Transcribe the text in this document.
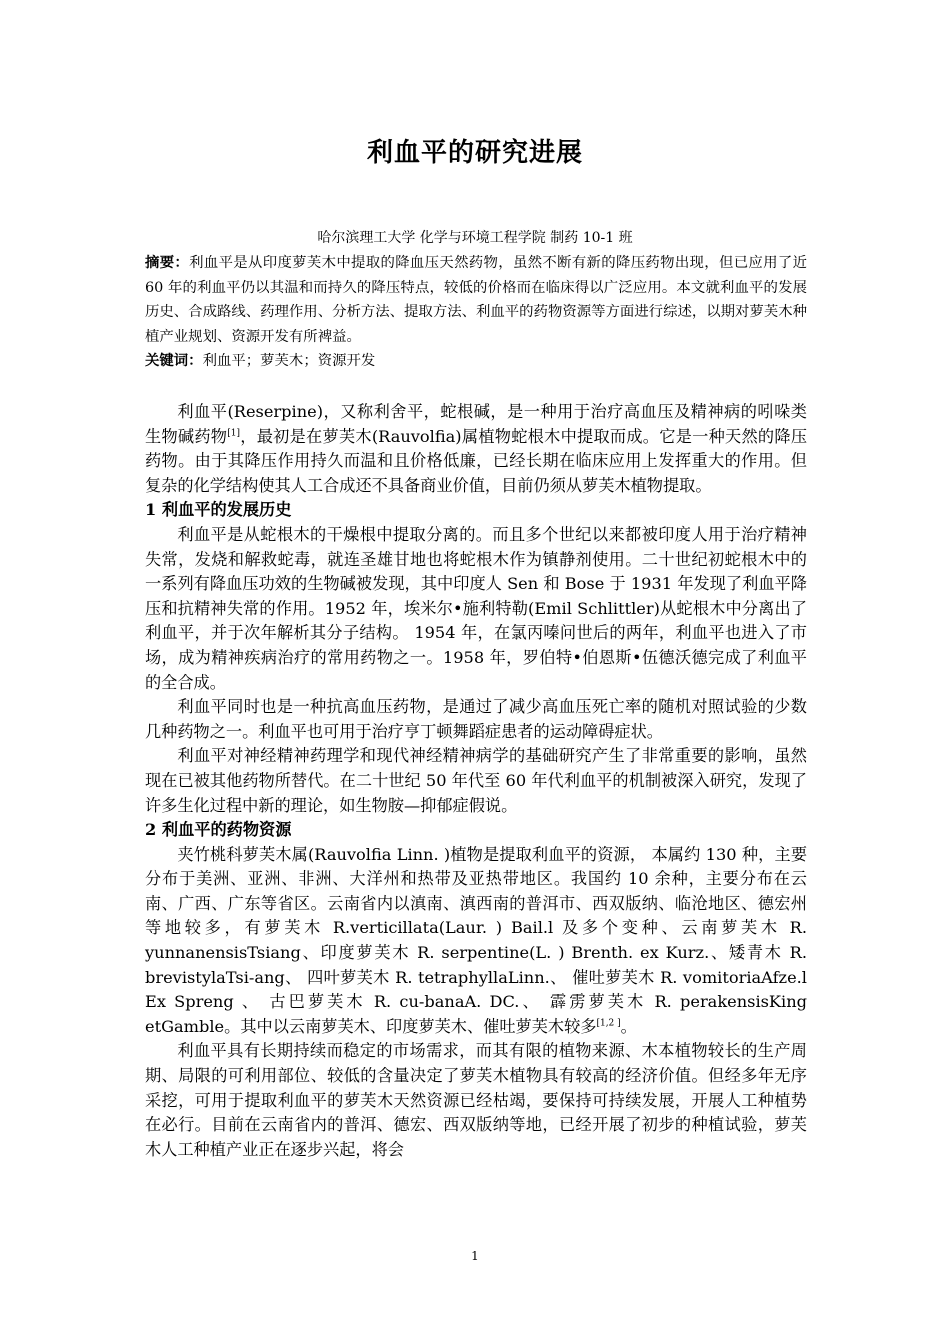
利血平的研究进展
哈尔滨理工大学 化学与环境工程学院 制药 10-1 班

摘要：利血平是从印度萝芙木中提取的降血压天然药物，虽然不断有新的降压药物出现，但已应用了近 60 年的利血平仍以其温和而持久的降压特点，较低的价格而在临床得以广泛应用。本文就利血平的发展历史、合成路线、药理作用、分析方法、提取方法、利血平的药物资源等方面进行综述，以期对萝芙木种植产业规划、资源开发有所裨益。

关键词：利血平；萝芙木；资源开发

利血平(Reserpine)，又称利舍平，蛇根碱，是一种用于治疗高血压及精神病的吲哚类生物碱药物[1]，最初是在萝芙木(Rauvolfia)属植物蛇根木中提取而成。它是一种天然的降压药物。由于其降压作用持久而温和且价格低廉，已经长期在临床应用上发挥重大的作用。但复杂的化学结构使其人工合成还不具备商业价值，目前仍须从萝芙木植物提取。

1 利血平的发展历史

利血平是从蛇根木的干燥根中提取分离的。而且多个世纪以来都被印度人用于治疗精神失常，发烧和解救蛇毒，就连圣雄甘地也将蛇根木作为镇静剂使用。二十世纪初蛇根木中的一系列有降血压功效的生物碱被发现，其中印度人 Sen 和 Bose 于 1931 年发现了利血平降压和抗精神失常的作用。1952 年，埃米尔•施利特勒(Emil Schlittler)从蛇根木中分离出了利血平，并于次年解析其分子结构。 1954 年，在氯丙嗪问世后的两年，利血平也进入了市场，成为精神疾病治疗的常用药物之一。1958 年，罗伯特•伯恩斯•伍德沃德完成了利血平的全合成。

利血平同时也是一种抗高血压药物，是通过了减少高血压死亡率的随机对照试验的少数几种药物之一。利血平也可用于治疗亨丁顿舞蹈症患者的运动障碍症状。

利血平对神经精神药理学和现代神经精神病学的基础研究产生了非常重要的影响，虽然现在已被其他药物所替代。在二十世纪 50 年代至 60 年代利血平的机制被深入研究，发现了许多生化过程中新的理论，如生物胺—抑郁症假说。

2 利血平的药物资源

夹竹桃科萝芙木属(Rauvolfia Linn. )植物是提取利血平的资源， 本属约 130 种，主要分布于美洲、亚洲、非洲、大洋州和热带及亚热带地区。我国约 10 余种，主要分布在云南、广西、广东等省区。云南省内以滇南、滇西南的普洱市、西双版纳、临沧地区、德宏州等地较多，有萝芙木 R.verticillata(Laur. ) Bail.l 及多个变种、云南萝芙木 R. yunnanensisTsiang、印度萝芙木 R. serpentine(L. ) Brenth. ex Kurz.、矮青木 R. brevistylaTsi-ang、 四叶萝芙木 R. tetraphyllaLinn.、 催吐萝芙木 R. vomitoriaAfze.l Ex Spreng 、 古巴萝芙木 R. cu-banaA. DC.、 霹雳萝芙木 R. perakensisKing etGamble。其中以云南萝芙木、印度萝芙木、催吐萝芙木较多[1,2 ]。

利血平具有长期持续而稳定的市场需求，而其有限的植物来源、木本植物较长的生产周期、局限的可利用部位、较低的含量决定了萝芙木植物具有较高的经济价值。但经多年无序采挖，可用于提取利血平的萝芙木天然资源已经枯竭，要保持可持续发展，开展人工种植势在必行。目前在云南省内的普洱、德宏、西双版纳等地，已经开展了初步的种植试验，萝芙木人工种植产业正在逐步兴起，将会

1
